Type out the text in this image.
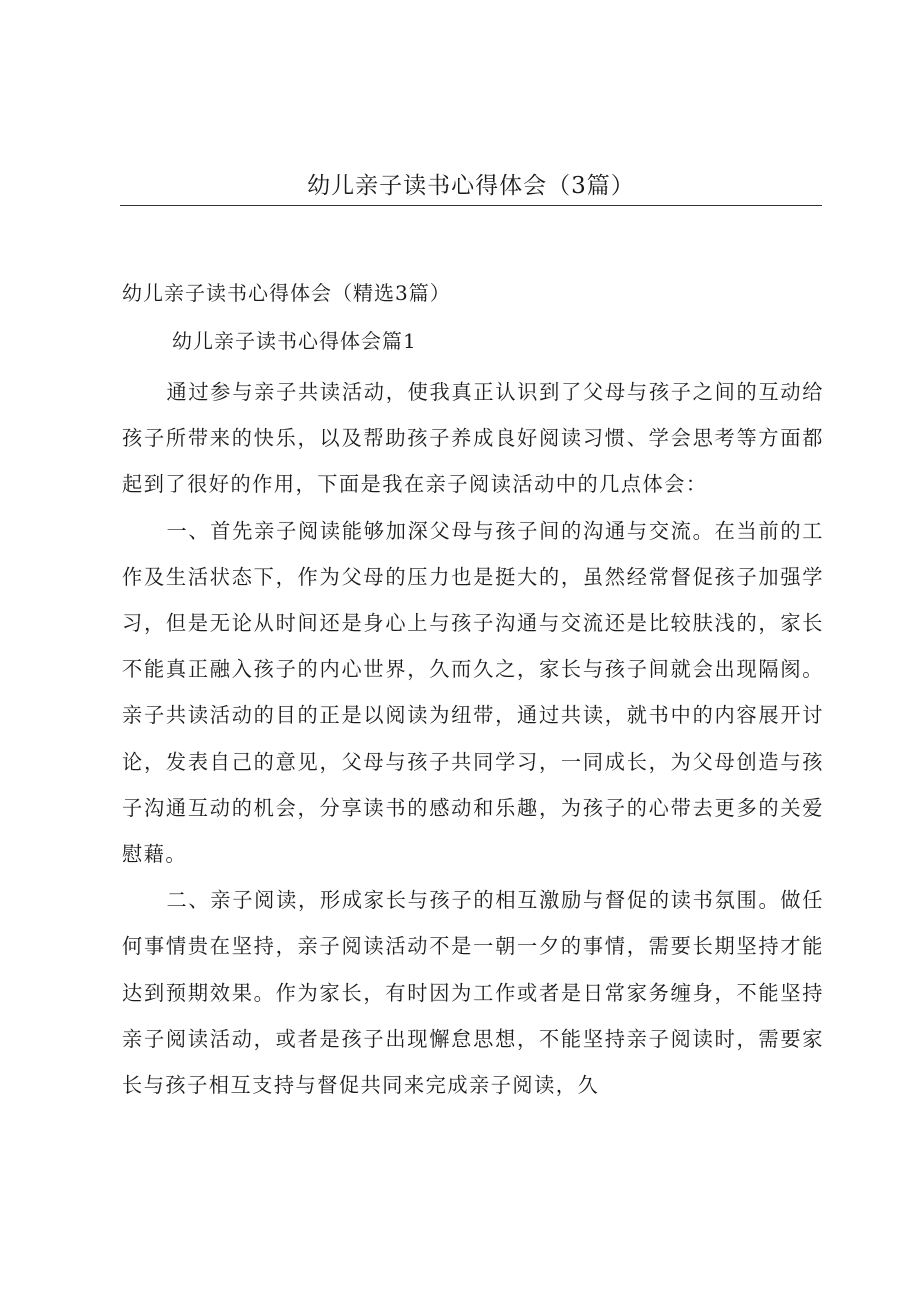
幼儿亲子读书心得体会（3篇）

幼儿亲子读书心得体会（精选3篇）

幼儿亲子读书心得体会篇1

通过参与亲子共读活动，使我真正认识到了父母与孩子之间的互动给孩子所带来的快乐，以及帮助孩子养成良好阅读习惯、学会思考等方面都起到了很好的作用，下面是我在亲子阅读活动中的几点体会：

一、首先亲子阅读能够加深父母与孩子间的沟通与交流。在当前的工作及生活状态下，作为父母的压力也是挺大的，虽然经常督促孩子加强学习，但是无论从时间还是身心上与孩子沟通与交流还是比较肤浅的，家长不能真正融入孩子的内心世界，久而久之，家长与孩子间就会出现隔阂。亲子共读活动的目的正是以阅读为纽带，通过共读，就书中的内容展开讨论，发表自己的意见，父母与孩子共同学习，一同成长，为父母创造与孩子沟通互动的机会，分享读书的感动和乐趣，为孩子的心带去更多的关爱慰藉。

二、亲子阅读，形成家长与孩子的相互激励与督促的读书氛围。做任何事情贵在坚持，亲子阅读活动不是一朝一夕的事情，需要长期坚持才能达到预期效果。作为家长，有时因为工作或者是日常家务缠身，不能坚持亲子阅读活动，或者是孩子出现懈怠思想，不能坚持亲子阅读时，需要家长与孩子相互支持与督促共同来完成亲子阅读，久
